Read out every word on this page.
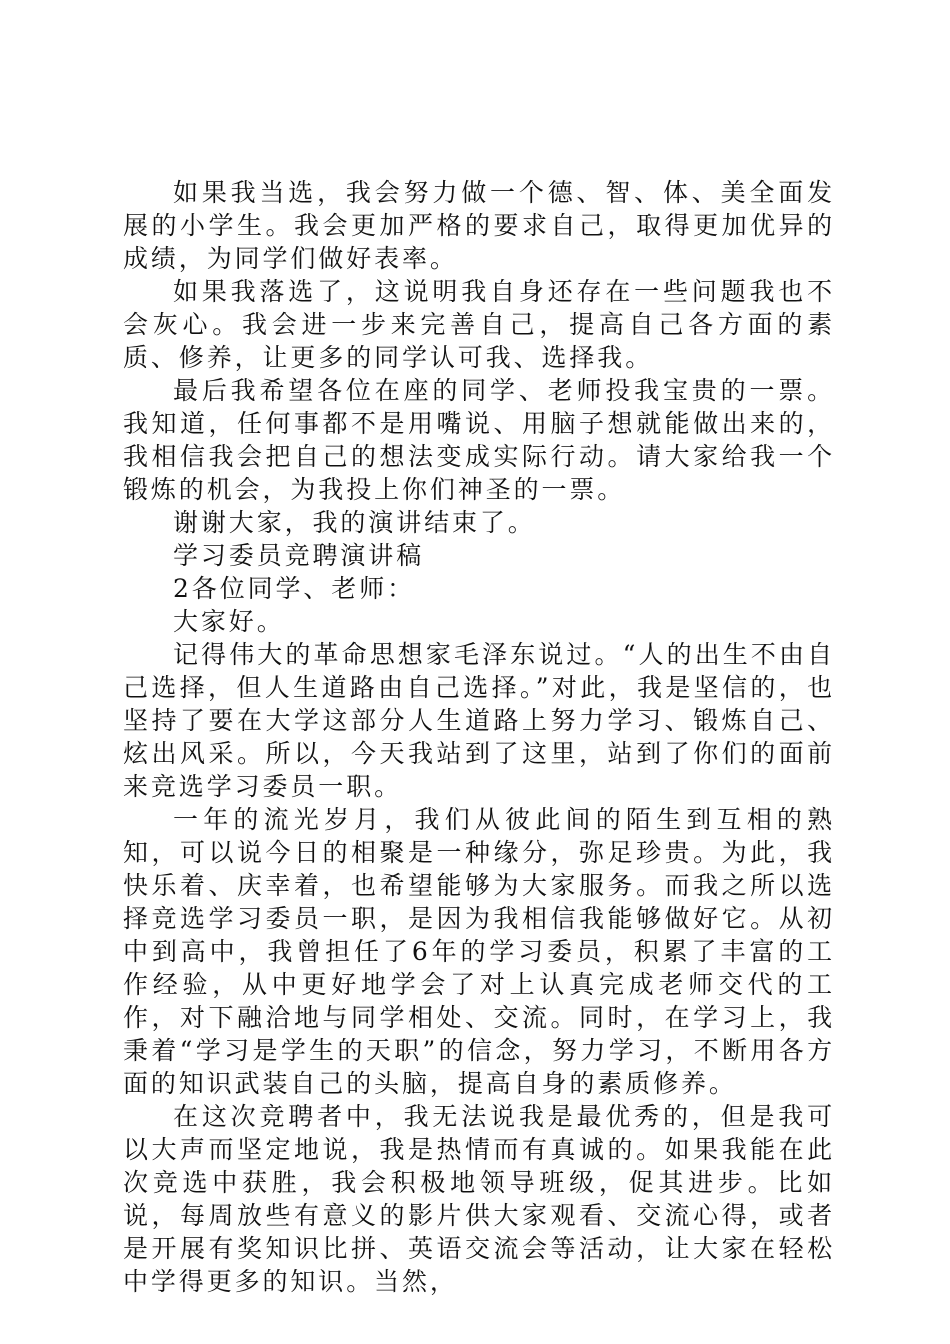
如果我当选，我会努力做一个德、智、体、美全面发展的小学生。我会更加严格的要求自己，取得更加优异的成绩，为同学们做好表率。

如果我落选了，这说明我自身还存在一些问题我也不会灰心。我会进一步来完善自己，提高自己各方面的素质、修养，让更多的同学认可我、选择我。

最后我希望各位在座的同学、老师投我宝贵的一票。我知道，任何事都不是用嘴说、用脑子想就能做出来的，我相信我会把自己的想法变成实际行动。请大家给我一个锻炼的机会，为我投上你们神圣的一票。

谢谢大家，我的演讲结束了。

学习委员竞聘演讲稿

2各位同学、老师：

大家好。

记得伟大的革命思想家毛泽东说过。“人的出生不由自己选择，但人生道路由自己选择。”对此，我是坚信的，也坚持了要在大学这部分人生道路上努力学习、锻炼自己、炫出风采。所以，今天我站到了这里，站到了你们的面前来竞选学习委员一职。

一年的流光岁月，我们从彼此间的陌生到互相的熟知，可以说今日的相聚是一种缘分，弥足珍贵。为此，我快乐着、庆幸着，也希望能够为大家服务。而我之所以选择竞选学习委员一职，是因为我相信我能够做好它。从初中到高中，我曾担任了6年的学习委员，积累了丰富的工作经验，从中更好地学会了对上认真完成老师交代的工作，对下融洽地与同学相处、交流。同时，在学习上，我秉着“学习是学生的天职”的信念，努力学习，不断用各方面的知识武装自己的头脑，提高自身的素质修养。

在这次竞聘者中，我无法说我是最优秀的，但是我可以大声而坚定地说，我是热情而有真诚的。如果我能在此次竞选中获胜，我会积极地领导班级，促其进步。比如说，每周放些有意义的影片供大家观看、交流心得，或者是开展有奖知识比拼、英语交流会等活动，让大家在轻松中学得更多的知识。当然，
